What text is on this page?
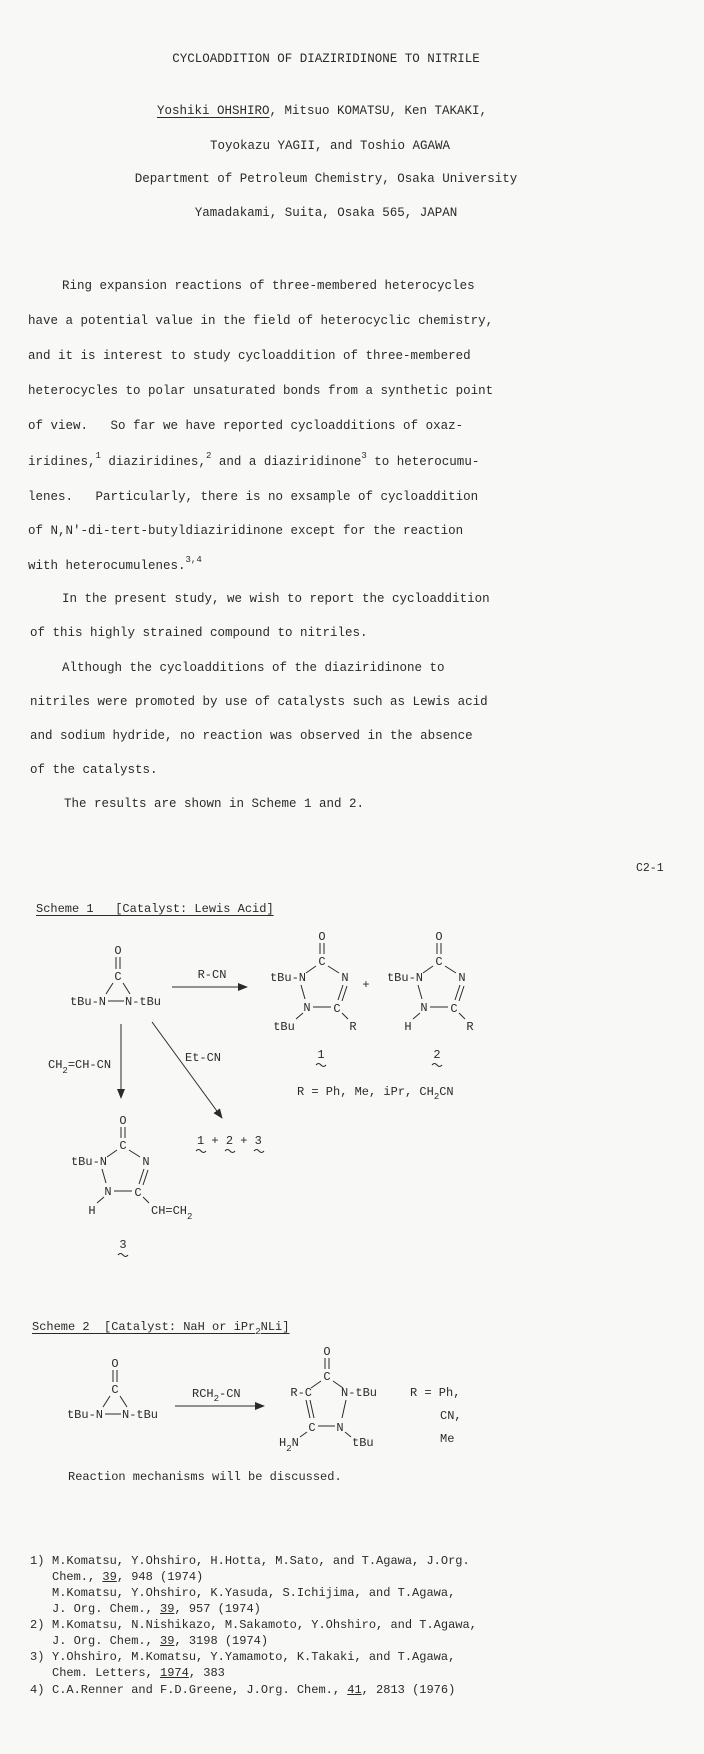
CYCLOADDITION OF DIAZIRIDINONE TO NITRILE
Yoshiki OHSHIRO, Mitsuo KOMATSU, Ken TAKAKI,
Toyokazu YAGII, and Toshio AGAWA
Department of Petroleum Chemistry, Osaka University
Yamadakami, Suita, Osaka 565, JAPAN
Ring expansion reactions of three-membered heterocycles
have a potential value in the field of heterocyclic chemistry,
and it is interest to study cycloaddition of three-membered
heterocycles to polar unsaturated bonds from a synthetic point
of view.   So far we have reported cycloadditions of oxaz-
iridines,$^1$ diaziridines,$^2$ and a diaziridinone$^3$ to heterocumu-
lenes.   Particularly, there is no exsample of cycloaddition
of N,N'-di-tert-butyldiaziridinone except for the reaction
with heterocumulenes.$^{3,4}$
In the present study, we wish to report the cycloaddition
of this highly strained compound to nitriles.
Although the cycloadditions of the diaziridinone to
nitriles were promoted by use of catalysts such as Lewis acid
and sodium hydride, no reaction was observed in the absence
of the catalysts.
The results are shown in Scheme 1 and 2.
C2-1
Scheme 1   [Catalyst: Lewis Acid]
Scheme 2  [Catalyst: NaH or iPr$_2$NLi]
O
C
tBu-N N-tBu
R-CN
O
C
tBu-N	N
N C
tBu	R
+
O
C
tBu-N	N
N C
H	R
1	2
R = Ph, Me, iPr, $CH_2CN$
$CH_2=CH-CN$	Et-CN
1 + 2 + 3
O
C
tBu-N	N
N C
H	$CH=CH_2$
3
O
C
tBu-N N-tBu
$RCH_2-CN$
O
C
R-C N-tBu
C N
$H_2N$	tBu
R = Ph,
CN,
Me
Reaction mechanisms will be discussed.
1) M.Komatsu, Y.Ohshiro, H.Hotta, M.Sato, and T.Agawa, J.Org.
Chem., 39, 948 (1974)
M.Komatsu, Y.Ohshiro, K.Yasuda, S.Ichijima, and T.Agawa,
J. Org. Chem., 39, 957 (1974)
2) M.Komatsu, N.Nishikazo, M.Sakamoto, Y.Ohshiro, and T.Agawa,
J. Org. Chem., 39, 3198 (1974)
3) Y.Ohshiro, M.Komatsu, Y.Yamamoto, K.Takaki, and T.Agawa,
Chem. Letters, 1974, 383
4) C.A.Renner and F.D.Greene, J.Org. Chem., 41, 2813 (1976)
